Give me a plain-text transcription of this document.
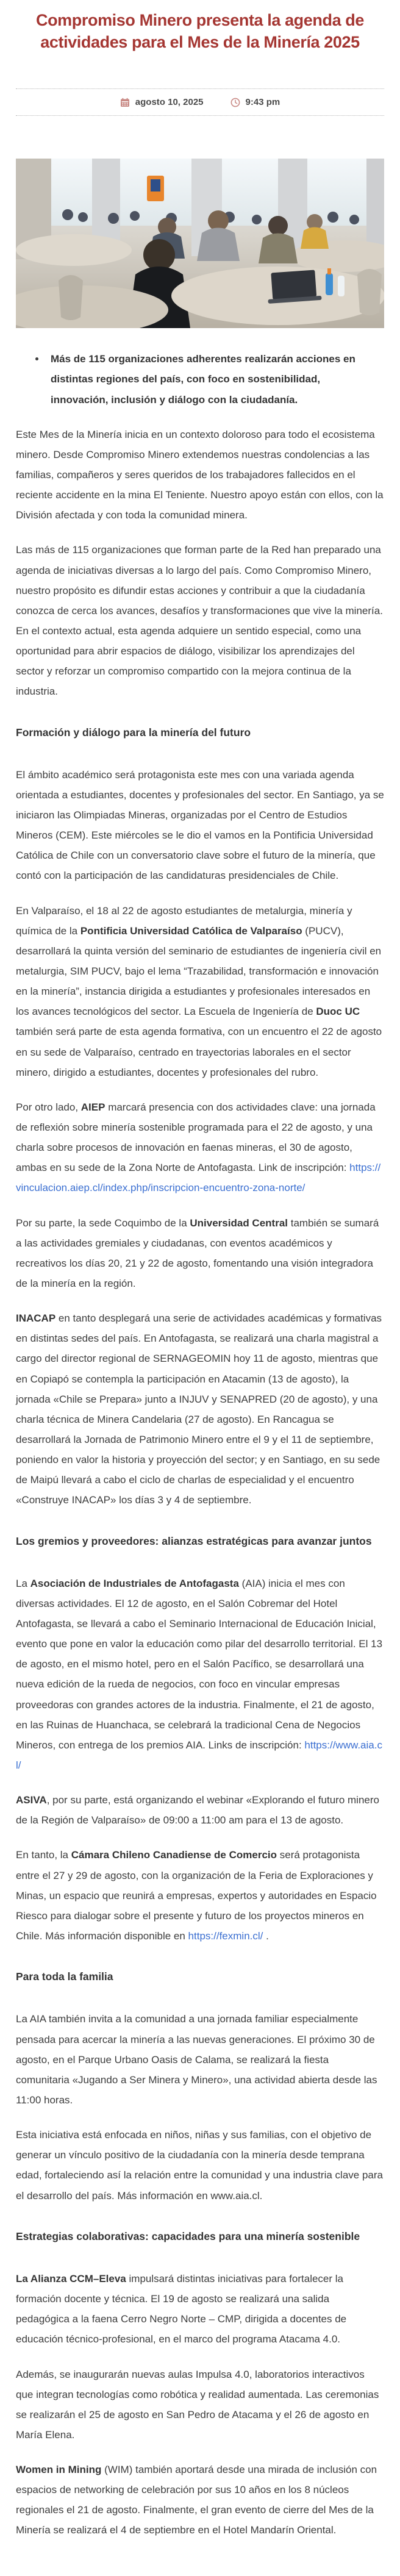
Compromiso Minero presenta la agenda de actividades para el Mes de la Minería 2025
agosto 10, 2025	9:43 pm
• Más de 115 organizaciones adherentes realizarán acciones en distintas regiones del país, con foco en sostenibilidad, innovación, inclusión y diálogo con la ciudadanía.

Este Mes de la Minería inicia en un contexto doloroso para todo el ecosistema minero. Desde Compromiso Minero extendemos nuestras condolencias a las familias, compañeros y seres queridos de los trabajadores fallecidos en el reciente accidente en la mina El Teniente. Nuestro apoyo están con ellos, con la División afectada y con toda la comunidad minera.

Las más de 115 organizaciones que forman parte de la Red han preparado una agenda de iniciativas diversas a lo largo del país. Como Compromiso Minero, nuestro propósito es difundir estas acciones y contribuir a que la ciudadanía conozca de cerca los avances, desafíos y transformaciones que vive la minería. En el contexto actual, esta agenda adquiere un sentido especial, como una oportunidad para abrir espacios de diálogo, visibilizar los aprendizajes del sector y reforzar un compromiso compartido con la mejora continua de la industria.

Formación y diálogo para la minería del futuro

El ámbito académico será protagonista este mes con una variada agenda orientada a estudiantes, docentes y profesionales del sector. En Santiago, ya se iniciaron las Olimpiadas Mineras, organizadas por el Centro de Estudios Mineros (CEM). Este miércoles se le dio el vamos en la Pontificia Universidad Católica de Chile con un conversatorio clave sobre el futuro de la minería, que contó con la participación de las candidaturas presidenciales de Chile.

En Valparaíso, el 18 al 22 de agosto estudiantes de metalurgia, minería y química de la Pontificia Universidad Católica de Valparaíso (PUCV), desarrollará la quinta versión del seminario de estudiantes de ingeniería civil en metalurgia, SIM PUCV, bajo el lema “Trazabilidad, transformación e innovación en la minería”, instancia dirigida a estudiantes y profesionales interesados en los avances tecnológicos del sector. La Escuela de Ingeniería de Duoc UC también será parte de esta agenda formativa, con un encuentro el 22 de agosto en su sede de Valparaíso, centrado en trayectorias laborales en el sector minero, dirigido a estudiantes, docentes y profesionales del rubro.

Por otro lado, AIEP marcará presencia con dos actividades clave: una jornada de reflexión sobre minería sostenible programada para el 22 de agosto, y una charla sobre procesos de innovación en faenas mineras, el 30 de agosto, ambas en su sede de la Zona Norte de Antofagasta. Link de inscripción: https://vinculacion.aiep.cl/index.php/inscripcion-encuentro-zona-norte/

Por su parte, la sede Coquimbo de la Universidad Central también se sumará a las actividades gremiales y ciudadanas, con eventos académicos y recreativos los días 20, 21 y 22 de agosto, fomentando una visión integradora de la minería en la región.

INACAP en tanto desplegará una serie de actividades académicas y formativas en distintas sedes del país. En Antofagasta, se realizará una charla magistral a cargo del director regional de SERNAGEOMIN hoy 11 de agosto, mientras que en Copiapó se contempla la participación en Atacamin (13 de agosto), la jornada «Chile se Prepara» junto a INJUV y SENAPRED (20 de agosto), y una charla técnica de Minera Candelaria (27 de agosto). En Rancagua se desarrollará la Jornada de Patrimonio Minero entre el 9 y el 11 de septiembre, poniendo en valor la historia y proyección del sector; y en Santiago, en su sede de Maipú llevará a cabo el ciclo de charlas de especialidad y el encuentro «Construye INACAP» los días 3 y 4 de septiembre.

Los gremios y proveedores: alianzas estratégicas para avanzar juntos

La Asociación de Industriales de Antofagasta (AIA) inicia el mes con diversas actividades. El 12 de agosto, en el Salón Cobremar del Hotel Antofagasta, se llevará a cabo el Seminario Internacional de Educación Inicial, evento que pone en valor la educación como pilar del desarrollo territorial. El 13 de agosto, en el mismo hotel, pero en el Salón Pacífico, se desarrollará una nueva edición de la rueda de negocios, con foco en vincular empresas proveedoras con grandes actores de la industria. Finalmente, el 21 de agosto, en las Ruinas de Huanchaca, se celebrará la tradicional Cena de Negocios Mineros, con entrega de los premios AIA. Links de inscripción: https://www.aia.cl/

ASIVA, por su parte, está organizando el webinar «Explorando el futuro minero de la Región de Valparaíso» de 09:00 a 11:00 am para el 13 de agosto.

En tanto, la Cámara Chileno Canadiense de Comercio será protagonista entre el 27 y 29 de agosto, con la organización de la Feria de Exploraciones y Minas, un espacio que reunirá a empresas, expertos y autoridades en Espacio Riesco para dialogar sobre el presente y futuro de los proyectos mineros en Chile. Más información disponible en https://fexmin.cl/ .

Para toda la familia

La AIA también invita a la comunidad a una jornada familiar especialmente pensada para acercar la minería a las nuevas generaciones. El próximo 30 de agosto, en el Parque Urbano Oasis de Calama, se realizará la fiesta comunitaria «Jugando a Ser Minera y Minero», una actividad abierta desde las 11:00 horas.

Esta iniciativa está enfocada en niños, niñas y sus familias, con el objetivo de generar un vínculo positivo de la ciudadanía con la minería desde temprana edad, fortaleciendo así la relación entre la comunidad y una industria clave para el desarrollo del país. Más información en www.aia.cl.

Estrategias colaborativas: capacidades para una minería sostenible

La Alianza CCM–Eleva impulsará distintas iniciativas para fortalecer la formación docente y técnica. El 19 de agosto se realizará una salida pedagógica a la faena Cerro Negro Norte – CMP, dirigida a docentes de educación técnico-profesional, en el marco del programa Atacama 4.0.

Además, se inaugurarán nuevas aulas Impulsa 4.0, laboratorios interactivos que integran tecnologías como robótica y realidad aumentada. Las ceremonias se realizarán el 25 de agosto en San Pedro de Atacama y el 26 de agosto en María Elena.

Women in Mining (WIM) también aportará desde una mirada de inclusión con espacios de networking de celebración por sus 10 años en los 8 núcleos regionales el 21 de agosto. Finalmente, el gran evento de cierre del Mes de la Minería se realizará el 4 de septiembre en el Hotel Mandarín Oriental.
